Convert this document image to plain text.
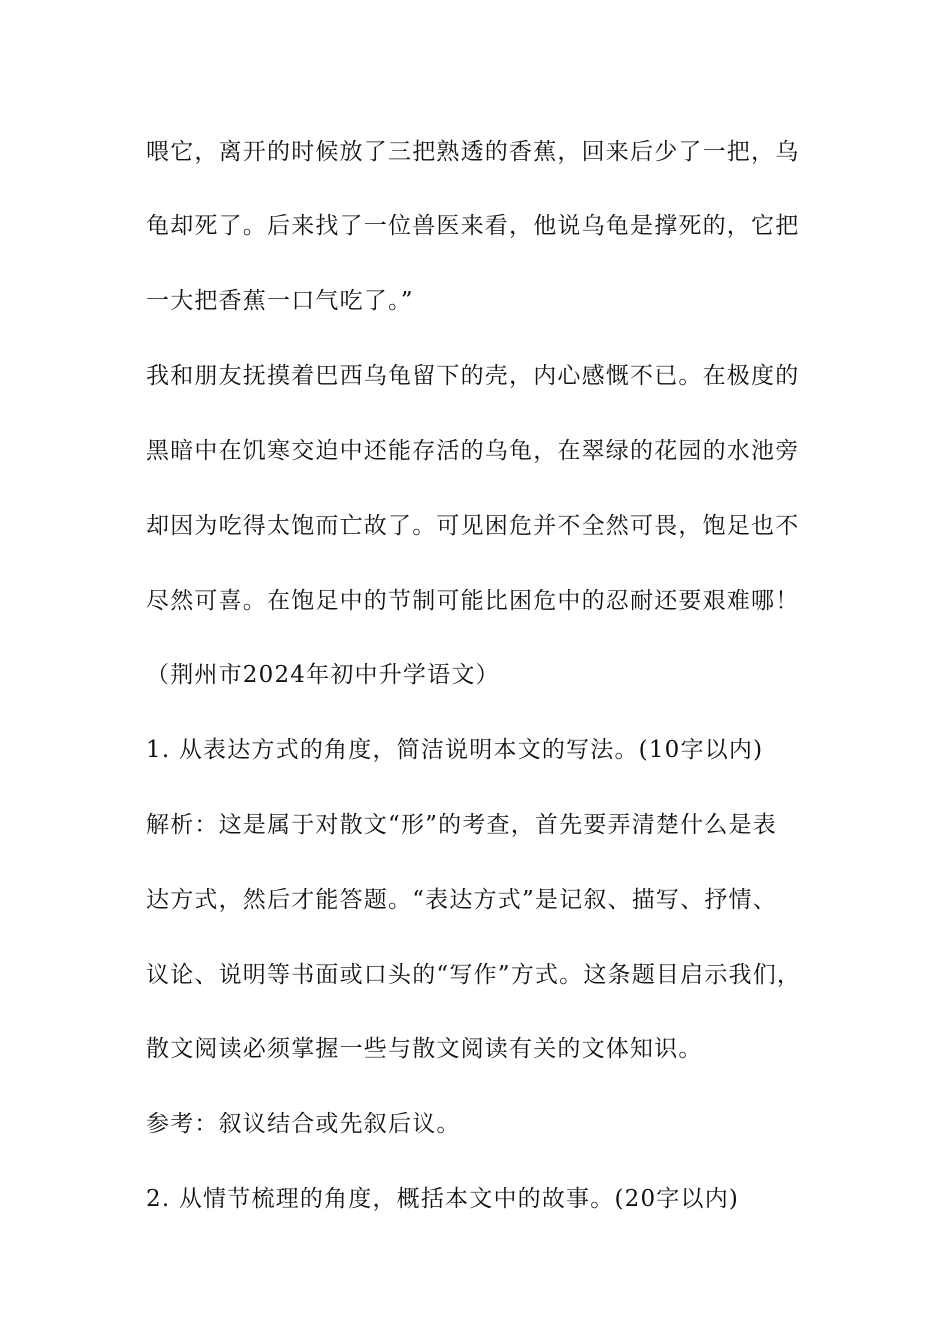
喂它，离开的时候放了三把熟透的香蕉，回来后少了一把，乌
龟却死了。后来找了一位兽医来看，他说乌龟是撑死的，它把
一大把香蕉一口气吃了。”
我和朋友抚摸着巴西乌龟留下的壳，内心感慨不已。在极度的
黑暗中在饥寒交迫中还能存活的乌龟，在翠绿的花园的水池旁
却因为吃得太饱而亡故了。可见困危并不全然可畏，饱足也不
尽然可喜。在饱足中的节制可能比困危中的忍耐还要艰难哪！
（荆州市2024年初中升学语文）
1. 从表达方式的角度，简洁说明本文的写法。(10字以内)
解析：这是属于对散文“形”的考查，首先要弄清楚什么是表
达方式，然后才能答题。“表达方式”是记叙、描写、抒情、
议论、说明等书面或口头的“写作”方式。这条题目启示我们，
散文阅读必须掌握一些与散文阅读有关的文体知识。
参考：叙议结合或先叙后议。
2. 从情节梳理的角度，概括本文中的故事。(20字以内)
